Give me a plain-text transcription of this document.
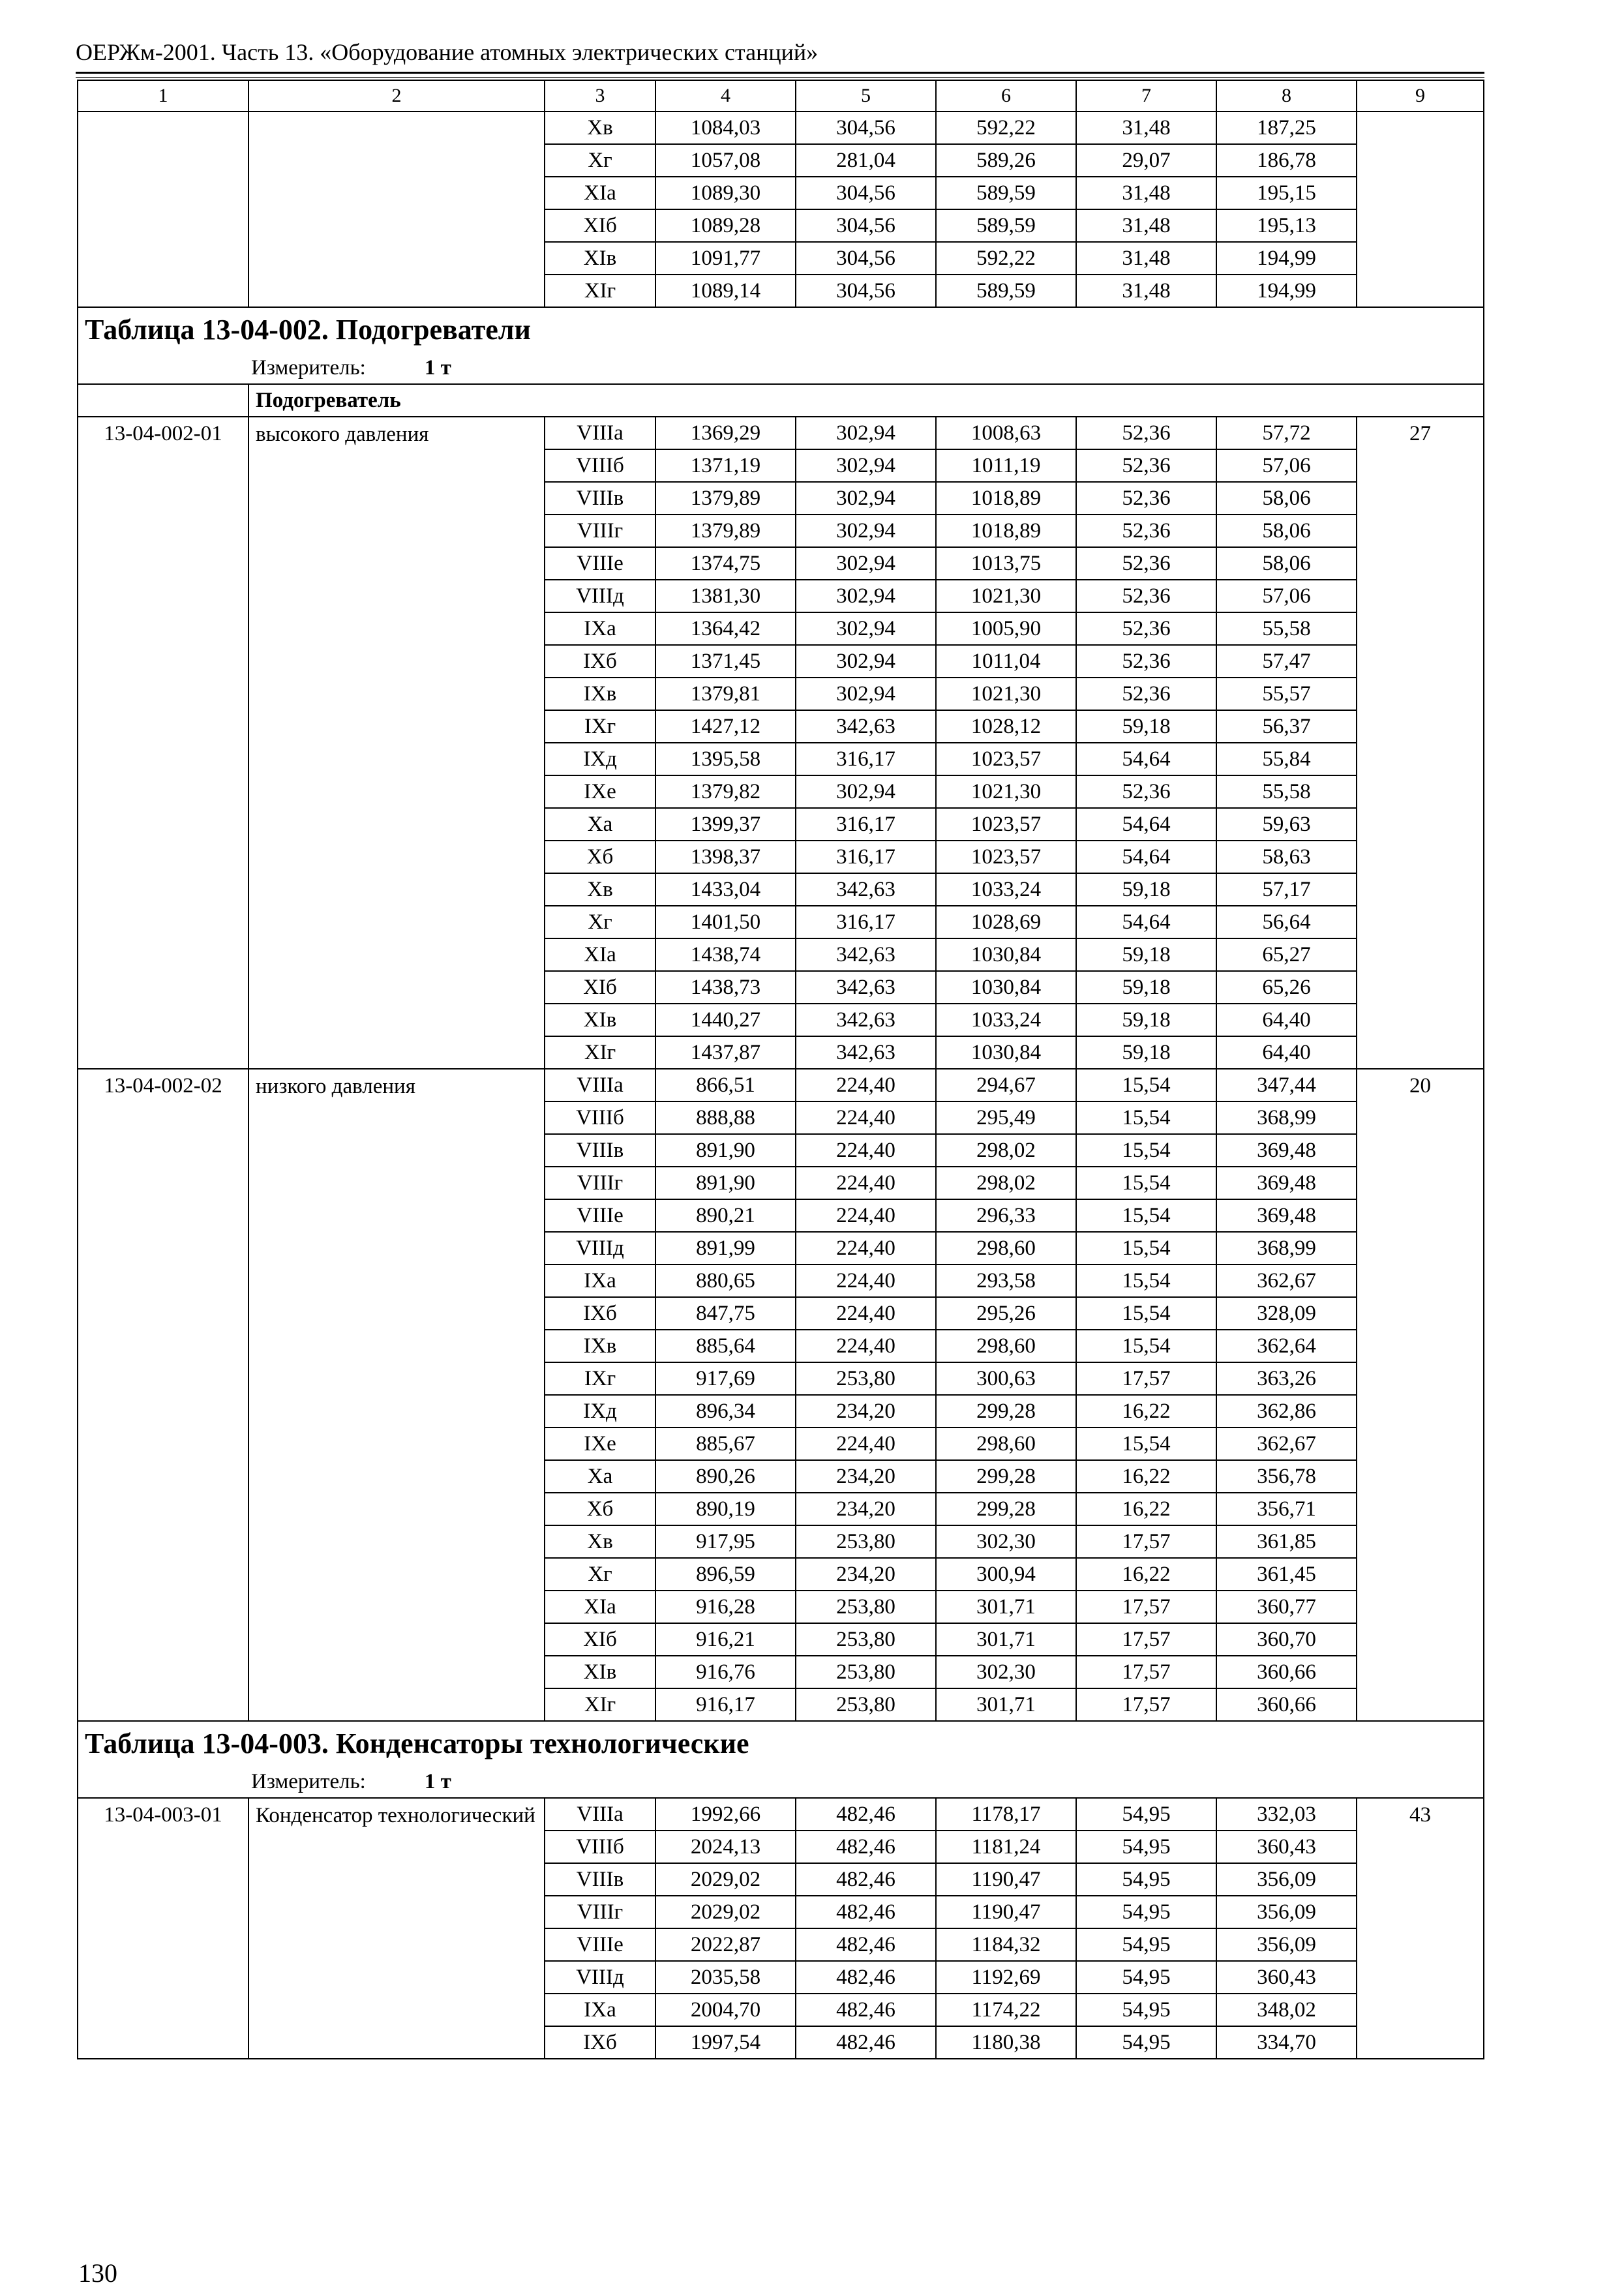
ОЕРЖм-2001. Часть 13. «Оборудование атомных электрических станций»
1	2	3	4	5	6	7	8	9
		Xв	1084,03	304,56	592,22	31,48	187,25	
		Xг	1057,08	281,04	589,26	29,07	186,78	
		XIа	1089,30	304,56	589,59	31,48	195,15	
		XIб	1089,28	304,56	589,59	31,48	195,13	
		XIв	1091,77	304,56	592,22	31,48	194,99	
		XIг	1089,14	304,56	589,59	31,48	194,99	
Таблица 13-04-002. Подогреватели								
Измеритель: 1 т								
	Подогреватель							
13-04-002-01	высокого давления	VIIIа	1369,29	302,94	1008,63	52,36	57,72	27
		VIIIб	1371,19	302,94	1011,19	52,36	57,06	
		VIIIв	1379,89	302,94	1018,89	52,36	58,06	
		VIIIг	1379,89	302,94	1018,89	52,36	58,06	
		VIIIе	1374,75	302,94	1013,75	52,36	58,06	
		VIIIд	1381,30	302,94	1021,30	52,36	57,06	
		IXа	1364,42	302,94	1005,90	52,36	55,58	
		IXб	1371,45	302,94	1011,04	52,36	57,47	
		IXв	1379,81	302,94	1021,30	52,36	55,57	
		IXг	1427,12	342,63	1028,12	59,18	56,37	
		IXд	1395,58	316,17	1023,57	54,64	55,84	
		IXе	1379,82	302,94	1021,30	52,36	55,58	
		Xа	1399,37	316,17	1023,57	54,64	59,63	
		Xб	1398,37	316,17	1023,57	54,64	58,63	
		Xв	1433,04	342,63	1033,24	59,18	57,17	
		Xг	1401,50	316,17	1028,69	54,64	56,64	
		XIа	1438,74	342,63	1030,84	59,18	65,27	
		XIб	1438,73	342,63	1030,84	59,18	65,26	
		XIв	1440,27	342,63	1033,24	59,18	64,40	
		XIг	1437,87	342,63	1030,84	59,18	64,40	
13-04-002-02	низкого давления	VIIIа	866,51	224,40	294,67	15,54	347,44	20
		VIIIб	888,88	224,40	295,49	15,54	368,99	
		VIIIв	891,90	224,40	298,02	15,54	369,48	
		VIIIг	891,90	224,40	298,02	15,54	369,48	
		VIIIе	890,21	224,40	296,33	15,54	369,48	
		VIIIд	891,99	224,40	298,60	15,54	368,99	
		IXа	880,65	224,40	293,58	15,54	362,67	
		IXб	847,75	224,40	295,26	15,54	328,09	
		IXв	885,64	224,40	298,60	15,54	362,64	
		IXг	917,69	253,80	300,63	17,57	363,26	
		IXд	896,34	234,20	299,28	16,22	362,86	
		IXе	885,67	224,40	298,60	15,54	362,67	
		Xа	890,26	234,20	299,28	16,22	356,78	
		Xб	890,19	234,20	299,28	16,22	356,71	
		Xв	917,95	253,80	302,30	17,57	361,85	
		Xг	896,59	234,20	300,94	16,22	361,45	
		XIа	916,28	253,80	301,71	17,57	360,77	
		XIб	916,21	253,80	301,71	17,57	360,70	
		XIв	916,76	253,80	302,30	17,57	360,66	
		XIг	916,17	253,80	301,71	17,57	360,66	
Таблица 13-04-003. Конденсаторы технологические								
Измеритель: 1 т								
13-04-003-01	Конденсатор технологический	VIIIа	1992,66	482,46	1178,17	54,95	332,03	43
		VIIIб	2024,13	482,46	1181,24	54,95	360,43	
		VIIIв	2029,02	482,46	1190,47	54,95	356,09	
		VIIIг	2029,02	482,46	1190,47	54,95	356,09	
		VIIIе	2022,87	482,46	1184,32	54,95	356,09	
		VIIIд	2035,58	482,46	1192,69	54,95	360,43	
		IXа	2004,70	482,46	1174,22	54,95	348,02	
		IXб	1997,54	482,46	1180,38	54,95	334,70	
130
